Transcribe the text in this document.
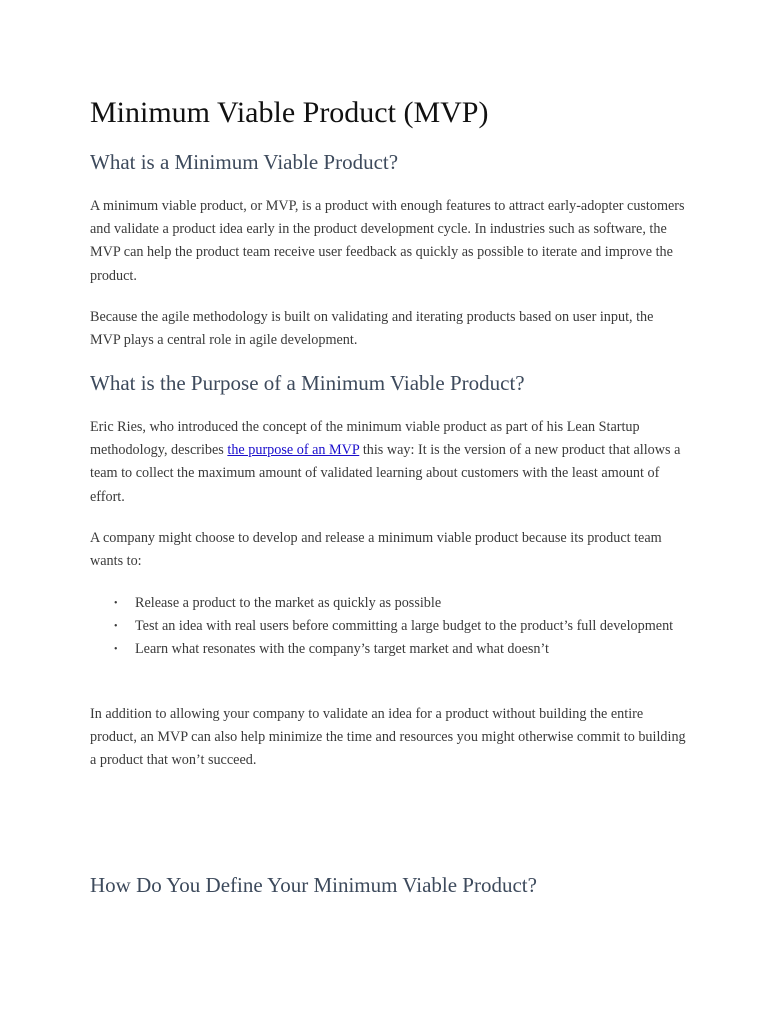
Minimum Viable Product (MVP)
What is a Minimum Viable Product?

A minimum viable product, or MVP, is a product with enough features to attract early-adopter customers and validate a product idea early in the product development cycle. In industries such as software, the MVP can help the product team receive user feedback as quickly as possible to iterate and improve the product.

Because the agile methodology is built on validating and iterating products based on user input, the MVP plays a central role in agile development.

What is the Purpose of a Minimum Viable Product?

Eric Ries, who introduced the concept of the minimum viable product as part of his Lean Startup methodology, describes the purpose of an MVP this way: It is the version of a new product that allows a team to collect the maximum amount of validated learning about customers with the least amount of effort.

A company might choose to develop and release a minimum viable product because its product team wants to:

• Release a product to the market as quickly as possible
• Test an idea with real users before committing a large budget to the product’s full development
• Learn what resonates with the company’s target market and what doesn’t

In addition to allowing your company to validate an idea for a product without building the entire product, an MVP can also help minimize the time and resources you might otherwise commit to building a product that won’t succeed.

How Do You Define Your Minimum Viable Product?
